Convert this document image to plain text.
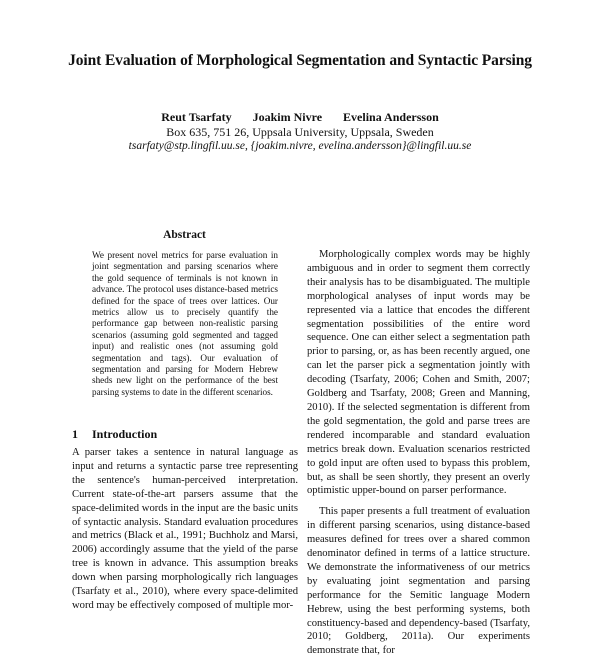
Joint Evaluation of Morphological Segmentation and Syntactic Parsing
Reut Tsarfaty Joakim Nivre Evelina Andersson
Box 635, 751 26, Uppsala University, Uppsala, Sweden
tsarfaty@stp.lingfil.uu.se, {joakim.nivre, evelina.andersson}@lingfil.uu.se
Abstract
We present novel metrics for parse evaluation in joint segmentation and parsing scenarios where the gold sequence of terminals is not known in advance. The protocol uses distance-based metrics defined for the space of trees over lattices. Our metrics allow us to precisely quantify the performance gap between non-realistic parsing scenarios (assuming gold segmented and tagged input) and realistic ones (not assuming gold segmentation and tags). Our evaluation of segmentation and parsing for Modern Hebrew sheds new light on the performance of the best parsing systems to date in the different scenarios.
1 Introduction
A parser takes a sentence in natural language as input and returns a syntactic parse tree representing the sentence's human-perceived interpretation. Current state-of-the-art parsers assume that the space-delimited words in the input are the basic units of syntactic analysis. Standard evaluation procedures and metrics (Black et al., 1991; Buchholz and Marsi, 2006) accordingly assume that the yield of the parse tree is known in advance. This assumption breaks down when parsing morphologically rich languages (Tsarfaty et al., 2010), where every space-delimited word may be effectively composed of multiple mor-

Morphologically complex words may be highly ambiguous and in order to segment them correctly their analysis has to be disambiguated. The multiple morphological analyses of input words may be represented via a lattice that encodes the different segmentation possibilities of the entire word sequence. One can either select a segmentation path prior to parsing, or, as has been recently argued, one can let the parser pick a segmentation jointly with decoding (Tsarfaty, 2006; Cohen and Smith, 2007; Goldberg and Tsarfaty, 2008; Green and Manning, 2010). If the selected segmentation is different from the gold segmentation, the gold and parse trees are rendered incomparable and standard evaluation metrics break down. Evaluation scenarios restricted to gold input are often used to bypass this problem, but, as shall be seen shortly, they present an overly optimistic upper-bound on parser performance.

This paper presents a full treatment of evaluation in different parsing scenarios, using distance-based measures defined for trees over a shared common denominator defined in terms of a lattice structure. We demonstrate the informativeness of our metrics by evaluating joint segmentation and parsing performance for the Semitic language Modern Hebrew, using the best performing systems, both constituency-based and dependency-based (Tsarfaty, 2010; Goldberg, 2011a). Our experiments demonstrate that, for
